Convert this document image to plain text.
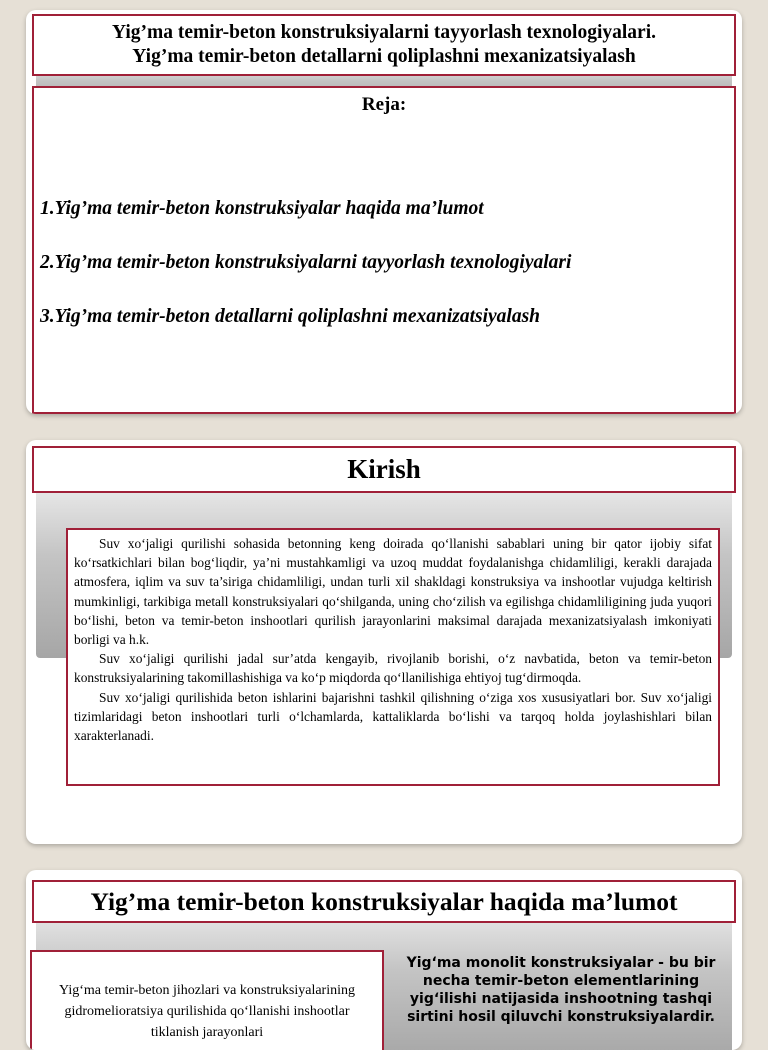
Yig’ma temir-beton konstruksiyalarni tayyorlash texnologiyalari.
Yig’ma temir-beton detallarni qoliplashni mexanizatsiyalash
Reja:
1.Yig’ma temir-beton konstruksiyalar haqida ma’lumot
2.Yig’ma temir-beton konstruksiyalarni tayyorlash texnologiyalari
3.Yig’ma temir-beton detallarni qoliplashni mexanizatsiyalash
Kirish

Suv xo‘jaligi qurilishi sohasida betonning keng doirada qo‘llanishi sabablari uning bir qator ijobiy sifat ko‘rsatkichlari bilan bog‘liqdir, ya’ni mustahkamligi va uzoq muddat foydalanishga chidamliligi, kerakli darajada atmosfera, iqlim va suv ta’siriga chidamliligi, undan turli xil shakldagi konstruksiya va inshootlar vujudga keltirish mumkinligi, tarkibiga metall konstruksiyalari qo‘shilganda, uning cho‘zilish va egilishga chidamliligining juda yuqori bo‘lishi, beton va temir-beton inshootlari qurilish jarayonlarini maksimal darajada mexanizatsiyalash imkoniyati borligi va h.k.

Suv xo‘jaligi qurilishi jadal sur’atda kengayib, rivojlanib borishi, o‘z navbatida, beton va temir-beton konstruksiyalarining takomillashishiga va ko‘p miqdorda qo‘llanilishiga ehtiyoj tug‘dirmoqda.

Suv xo‘jaligi qurilishida beton ishlarini bajarishni tashkil qilishning o‘ziga xos xususiyatlari bor. Suv xo‘jaligi tizimlaridagi beton inshootlari turli o‘lchamlarda, kattaliklarda bo‘lishi va tarqoq holda joylashishlari bilan xarakterlanadi.

Yig’ma temir-beton konstruksiyalar haqida ma’lumot
Yig‘ma temir-beton jihozlari va konstruksiyalarining gidromelioratsiya qurilishida qo‘llanishi inshootlar tiklanish jarayonlari
Yig‘ma monolit konstruksiyalar - bu bir necha temir-beton elementlarining yig‘ilishi natijasida inshootning tashqi sirtini hosil qiluvchi konstruksiyalardir.
